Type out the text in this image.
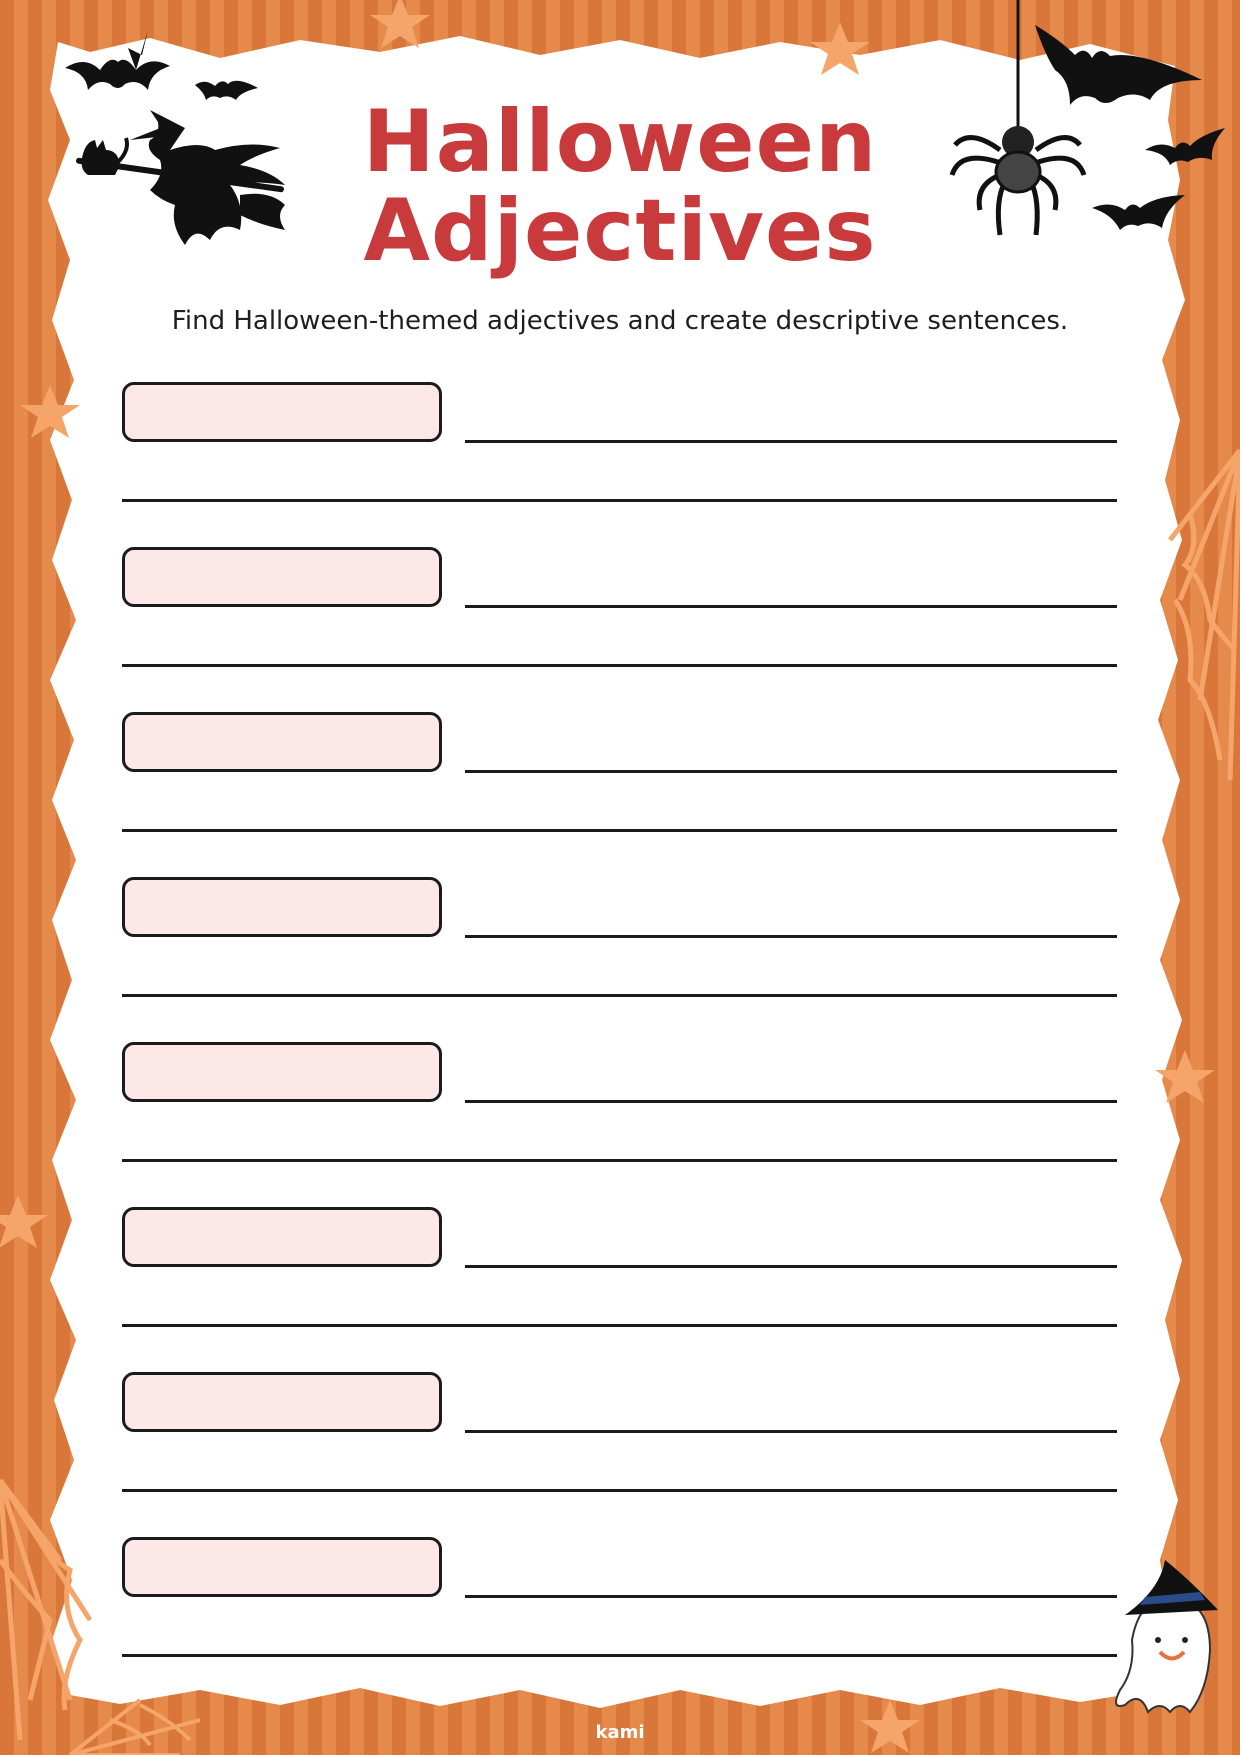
Halloween
Adjectives

Find Halloween-themed adjectives and create descriptive sentences.

kami
